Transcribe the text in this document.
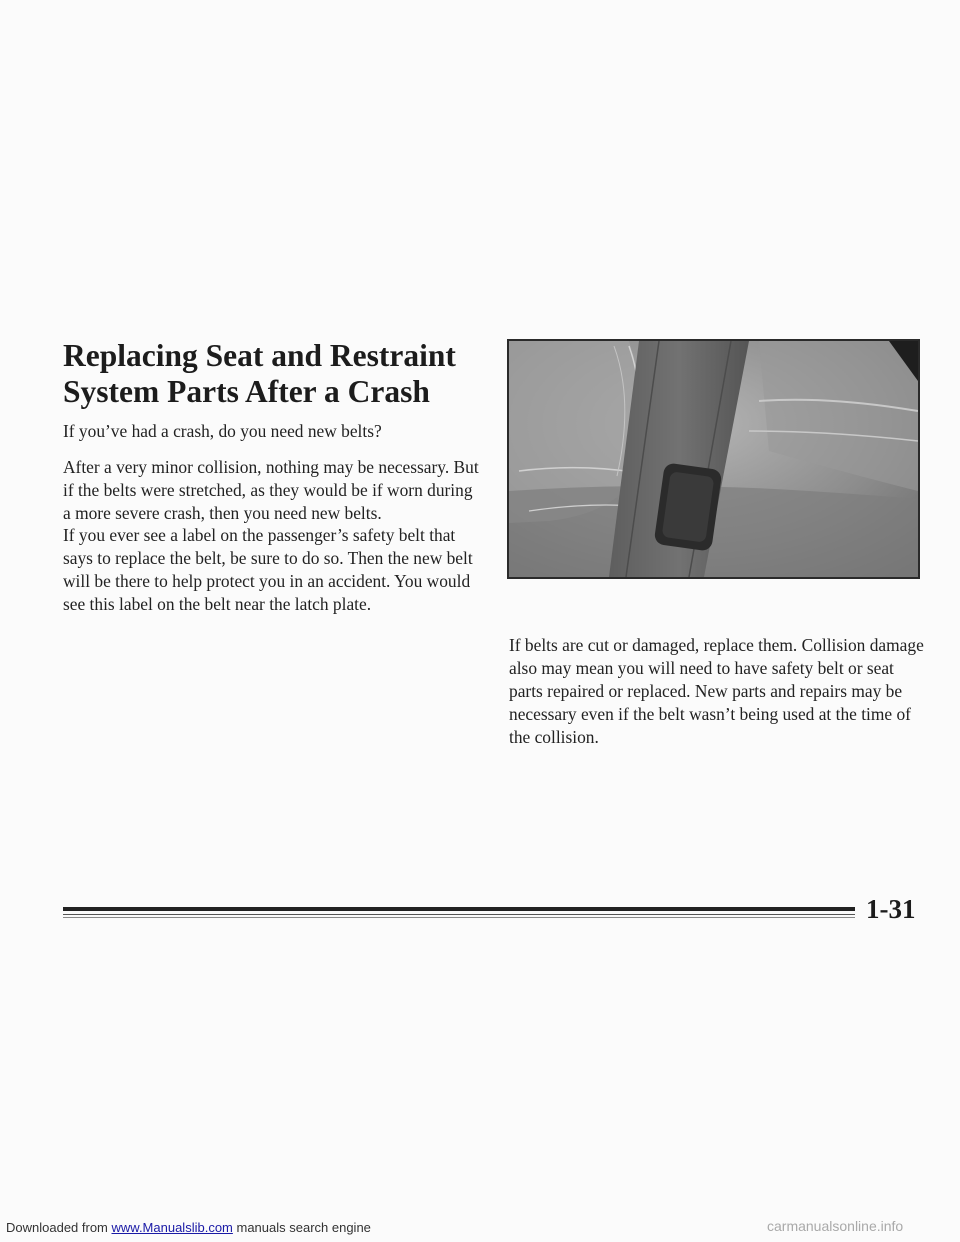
Replacing Seat and Restraint System Parts After a Crash

If you’ve had a crash, do you need new belts?

After a very minor collision, nothing may be necessary. But if the belts were stretched, as they would be if worn during a more severe crash, then you need new belts.

If you ever see a label on the passenger’s safety belt that says to replace the belt, be sure to do so. Then the new belt will be there to help protect you in an accident. You would see this label on the belt near the latch plate.

If belts are cut or damaged, replace them. Collision damage also may mean you will need to have safety belt or seat parts repaired or replaced. New parts and repairs may be necessary even if the belt wasn’t being used at the time of the collision.

1-31
Downloaded from www.Manualslib.com manuals search engine	carmanualsonline.info
